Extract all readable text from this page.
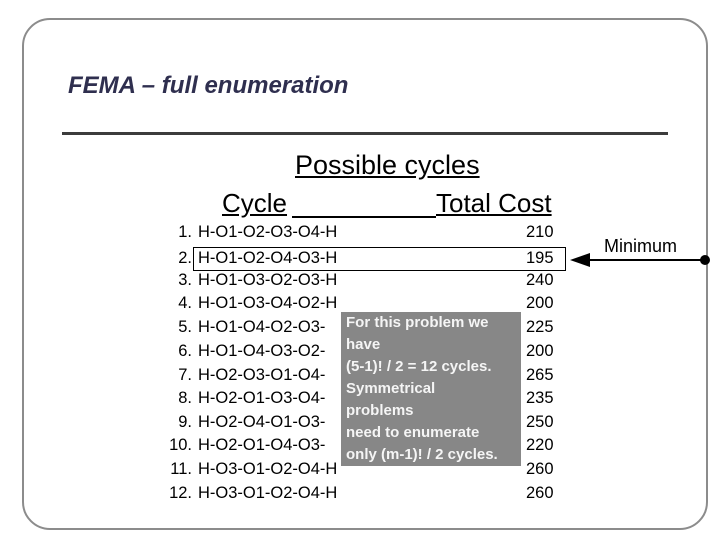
FEMA – full enumeration
Possible cycles
Cycle	Total Cost
1. H-O1-O2-O3-O4-H	210
2. H-O1-O2-O4-O3-H	195
3. H-O1-O3-O2-O3-H	240
4. H-O1-O3-O4-O2-H	200
5. H-O1-O4-O2-O3-	225
6. H-O1-O4-O3-O2-	200
7. H-O2-O3-O1-O4-	265
8. H-O2-O1-O3-O4-	235
9. H-O2-O4-O1-O3-	250
10. H-O2-O1-O4-O3-	220
11. H-O3-O1-O2-O4-H	260
12. H-O3-O1-O2-O4-H	260
For this problem we
have
(5-1)! / 2 = 12 cycles.
Symmetrical
problems
need to enumerate
only (m-1)! / 2 cycles.
Minimum
